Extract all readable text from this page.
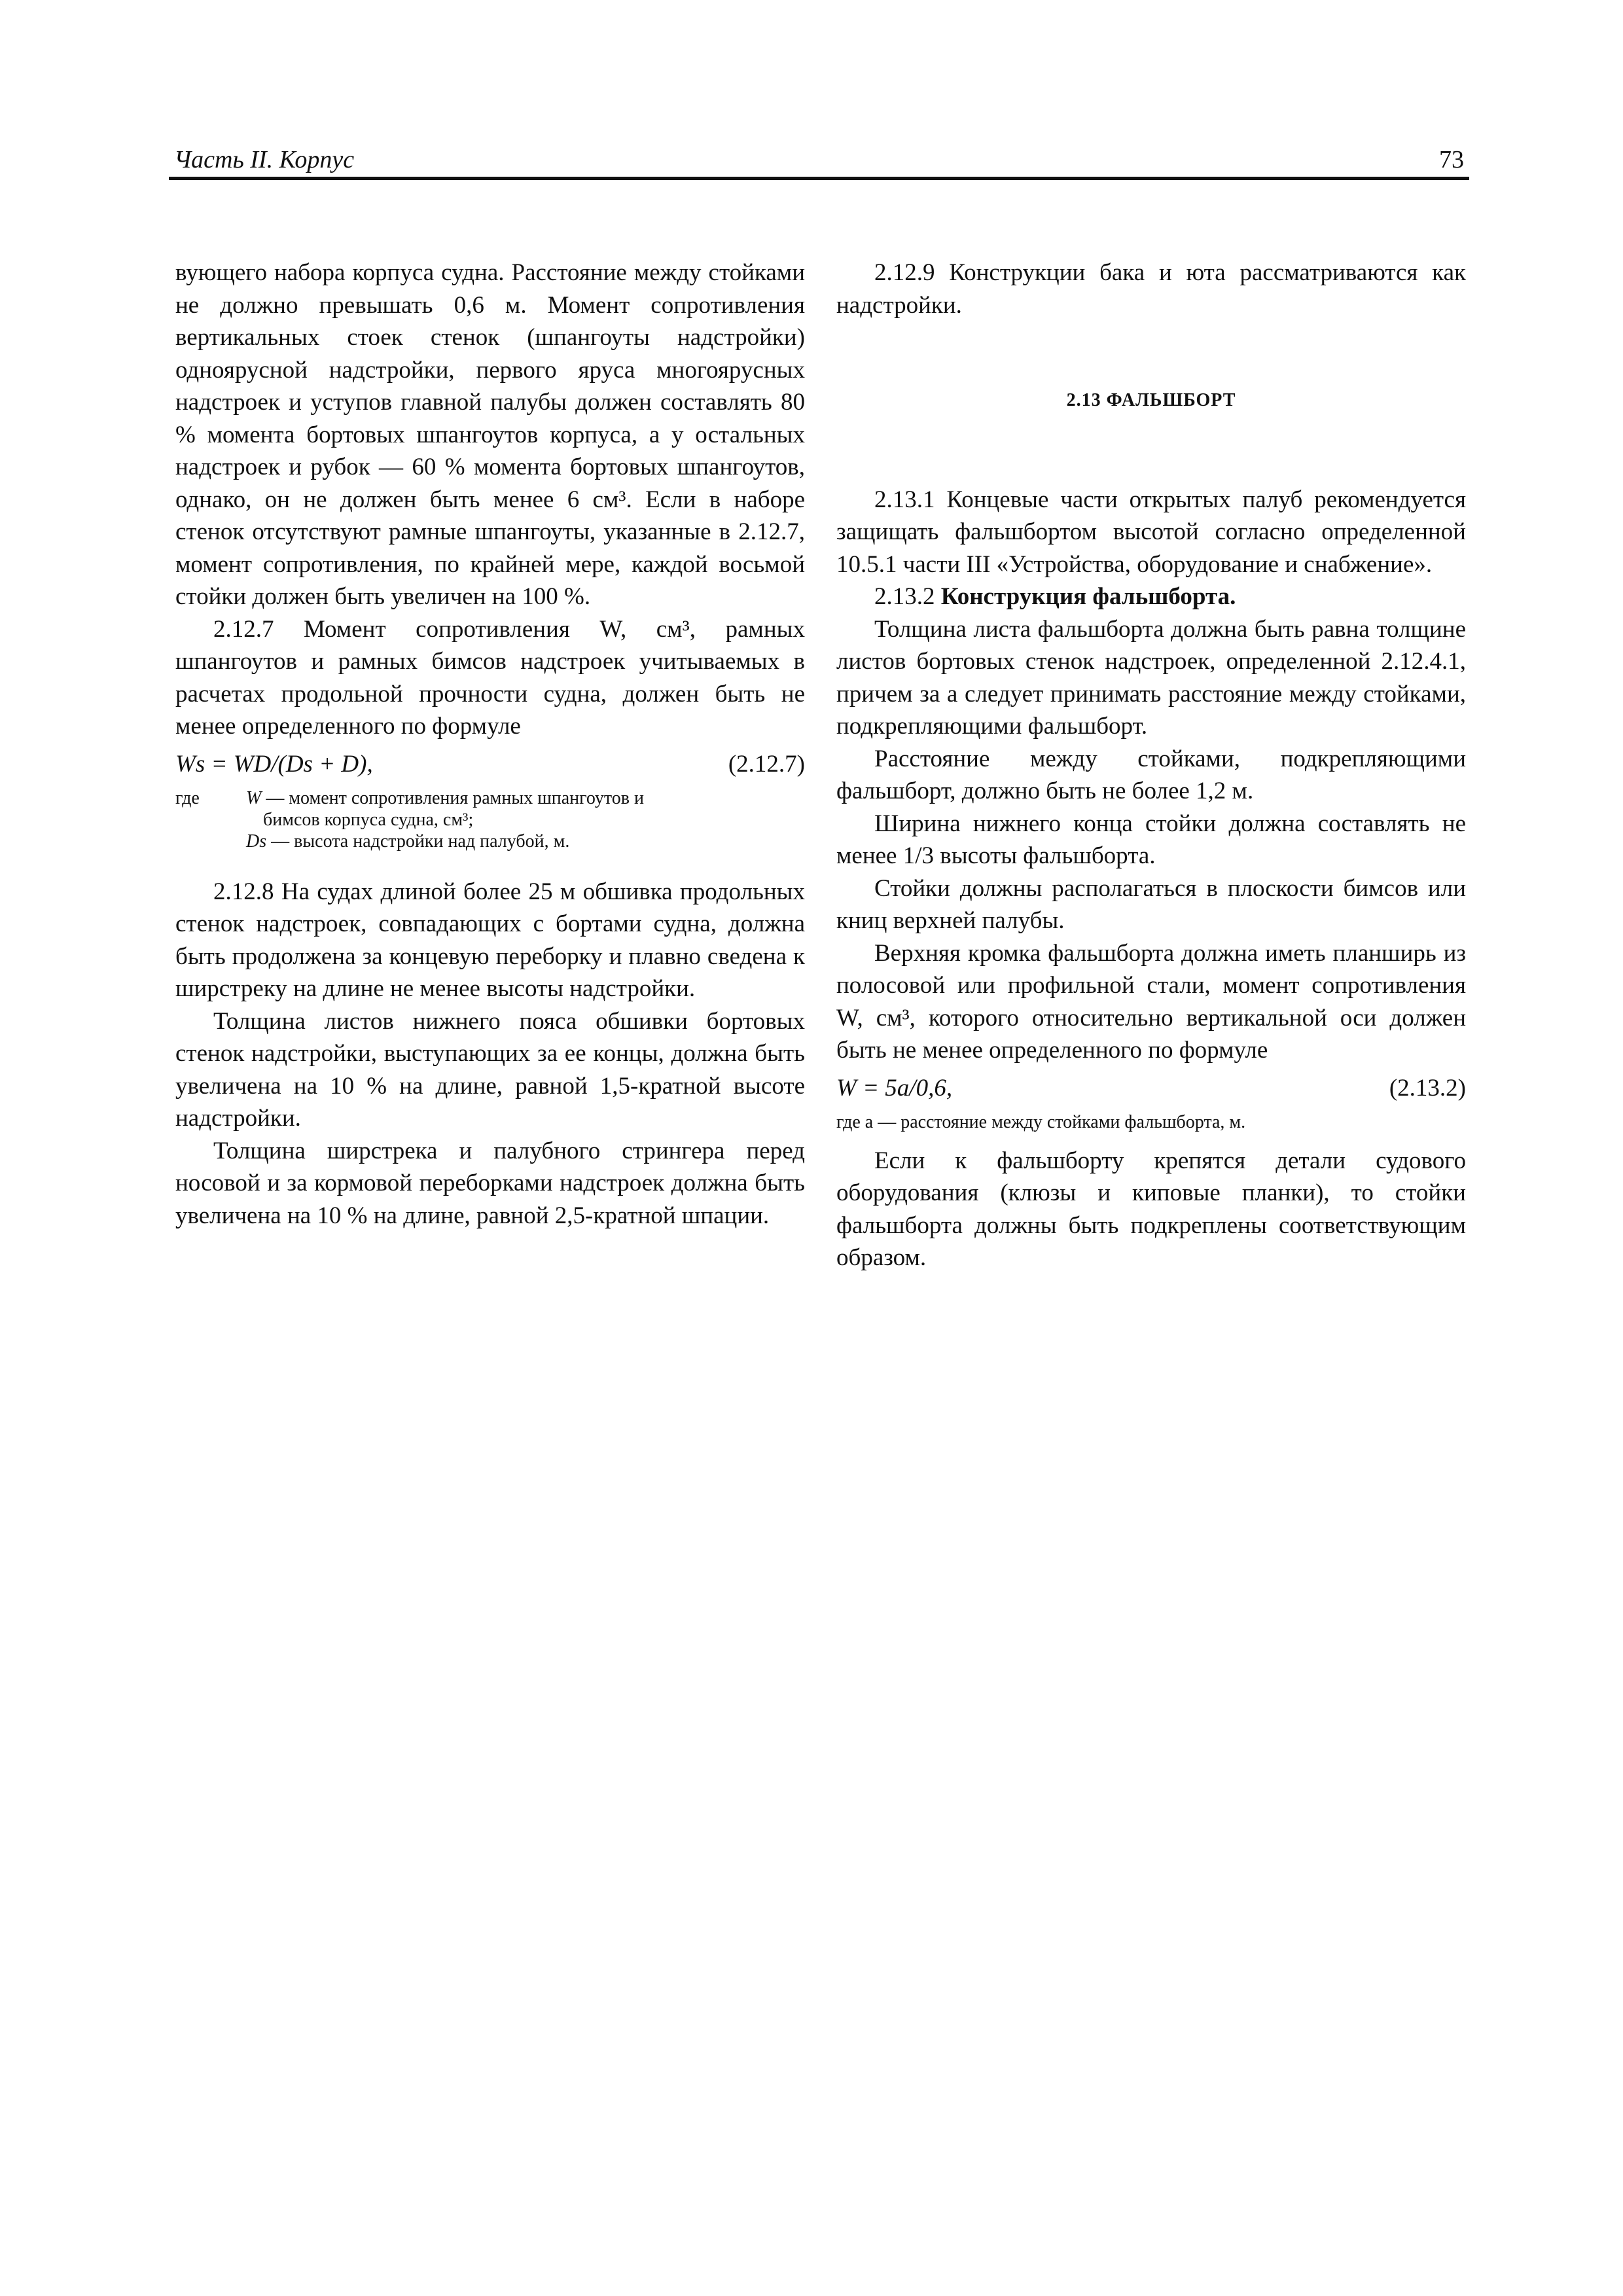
Часть II. Корпус	73

вующего набора корпуса судна. Расстояние между стойками не должно превышать 0,6 м. Момент сопротивления вертикальных стоек стенок (шпангоуты надстройки) одноярусной надстройки, первого яруса многоярусных надстроек и уступов главной палубы должен составлять 80 % момента бортовых шпангоутов корпуса, а у остальных надстроек и рубок — 60 % момента бортовых шпангоутов, однако, он не должен быть менее 6 см³. Если в наборе стенок отсутствуют рамные шпангоуты, указанные в 2.12.7, момент сопротивления, по крайней мере, каждой восьмой стойки должен быть увеличен на 100 %.

2.12.7 Момент сопротивления W, см³, рамных шпангоутов и рамных бимсов надстроек учитываемых в расчетах продольной прочности судна, должен быть не менее определенного по формуле

Ws = WD/(Ds + D),	(2.12.7)
где	W — момент сопротивления рамных шпангоутов и
бимсов корпуса судна, см³;
Ds — высота надстройки над палубой, м.

2.12.8 На судах длиной более 25 м обшивка продольных стенок надстроек, совпадающих с бортами судна, должна быть продолжена за концевую переборку и плавно сведена к ширстреку на длине не менее высоты надстройки.

Толщина листов нижнего пояса обшивки бортовых стенок надстройки, выступающих за ее концы, должна быть увеличена на 10 % на длине, равной 1,5-кратной высоте надстройки.

Толщина ширстрека и палубного стрингера перед носовой и за кормовой переборками надстроек должна быть увеличена на 10 % на длине, равной 2,5-кратной шпации.

2.12.9 Конструкции бака и юта рассматриваются как надстройки.

2.13 ФАЛЬШБОРТ

2.13.1 Концевые части открытых палуб рекомендуется защищать фальшбортом высотой согласно определенной 10.5.1 части III «Устройства, оборудование и снабжение».

2.13.2 Конструкция фальшборта.

Толщина листа фальшборта должна быть равна толщине листов бортовых стенок надстроек, определенной 2.12.4.1, причем за a следует принимать расстояние между стойками, подкрепляющими фальшборт.

Расстояние между стойками, подкрепляющими фальшборт, должно быть не более 1,2 м.

Ширина нижнего конца стойки должна составлять не менее 1/3 высоты фальшборта.

Стойки должны располагаться в плоскости бимсов или книц верхней палубы.

Верхняя кромка фальшборта должна иметь планширь из полосовой или профильной стали, момент сопротивления W, см³, которого относительно вертикальной оси должен быть не менее определенного по формуле

W = 5a/0,6,	(2.13.2)
где a — расстояние между стойками фальшборта, м.

Если к фальшборту крепятся детали судового оборудования (клюзы и киповые планки), то стойки фальшборта должны быть подкреплены соответствующим образом.
